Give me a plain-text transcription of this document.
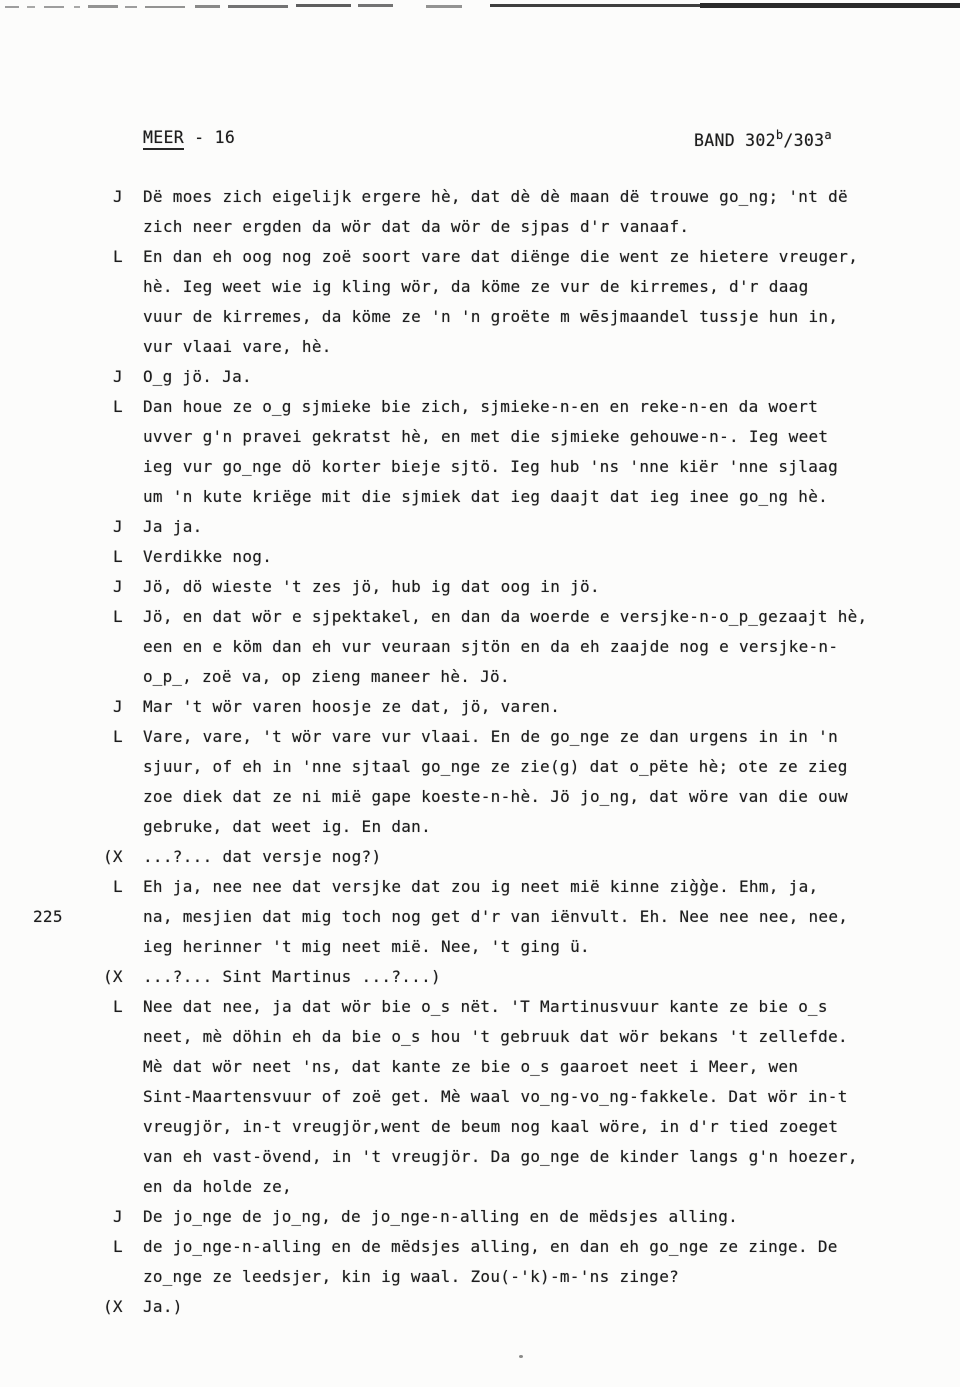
MEER - 16	BAND 302$^b$/303$^a$
225
J	Dë moes zich eigelijk ergere hè, dat dè dè maan dë trouwe go̲ng; 'nt dë
zich neer ergden da wör dat da wör de sjpas d'r vanaaf.
L	En dan eh oog nog zoë soort vare dat diënge die went ze hietere vreuger,
hè. Ieg weet wie ig kling wör, da köme ze vur de kirremes, d'r daag
vuur de kirremes, da köme ze 'n 'n groëte m wēsjmaandel tussje hun in,
vur vlaai vare, hè.
J	O̲g jö. Ja.
L	Dan houe ze o̲g sjmieke bie zich, sjmieke-n-en en reke-n-en da woert
uvver g'n pravei gekratst hè, en met die sjmieke gehouwe-n-. Ieg weet
ieg vur go̲nge dö korter bieje sjtö. Ieg hub 'ns 'nne kiër 'nne sjlaag
um 'n kute kriëge mit die sjmiek dat ieg daajt dat ieg inee go̲ng hè.
J	Ja ja.
L	Verdikke nog.
J	Jö, dö wieste 't zes jö, hub ig dat oog in jö.
L	Jö, en dat wör e sjpektakel, en dan da woerde e versjke-n-o̲p̲gezaajt hè,
een en e köm dan eh vur veuraan sjtön en da eh zaajde nog e versjke-n-
o̲p̲, zoë va, op zieng maneer hè. Jö.
J	Mar 't wör varen hoosje ze dat, jö, varen.
L	Vare, vare, 't wör vare vur vlaai. En de go̲nge ze dan urgens in in 'n
sjuur, of eh in 'nne sjtaal go̲nge ze zie(g) dat o̲pëte hè; ote ze zieg
zoe diek dat ze ni mië gape koeste-n-hè. Jö jo̲ng, dat wöre van die ouw
gebruke, dat weet ig. En dan.
(X	...?... dat versje nog?)
L	Eh ja, nee nee dat versjke dat zou ig neet mië kinne zig̀g̀e. Ehm, ja,
na, mesjien dat mig toch nog get d'r van iënvult. Eh. Nee nee nee, nee,
ieg herinner 't mig neet mië. Nee, 't ging ü.
(X	...?... Sint Martinus ...?...)
L	Nee dat nee, ja dat wör bie o̲s nët. 'T Martinusvuur kante ze bie o̲s
neet, mè döhin eh da bie o̲s hou 't gebruuk dat wör bekans 't zellefde.
Mè dat wör neet 'ns, dat kante ze bie o̲s gaaroet neet i Meer, wen
Sint-Maartensvuur of zoë get. Mè waal vo̲ng-vo̲ng-fakkele. Dat wör in-t
vreugjör, in-t vreugjör,went de beum nog kaal wöre, in d'r tied zoeget
van eh vast-övend, in 't vreugjör. Da go̲nge de kinder langs g'n hoezer,
en da holde ze,
J	De jo̲nge de jo̲ng, de jo̲nge-n-alling en de mëdsjes alling.
L	de jo̲nge-n-alling en de mëdsjes alling, en dan eh go̲nge ze zinge. De
zo̲nge ze leedsjer, kin ig waal. Zou(-'k)-m-'ns zinge?
(X	Ja.)
